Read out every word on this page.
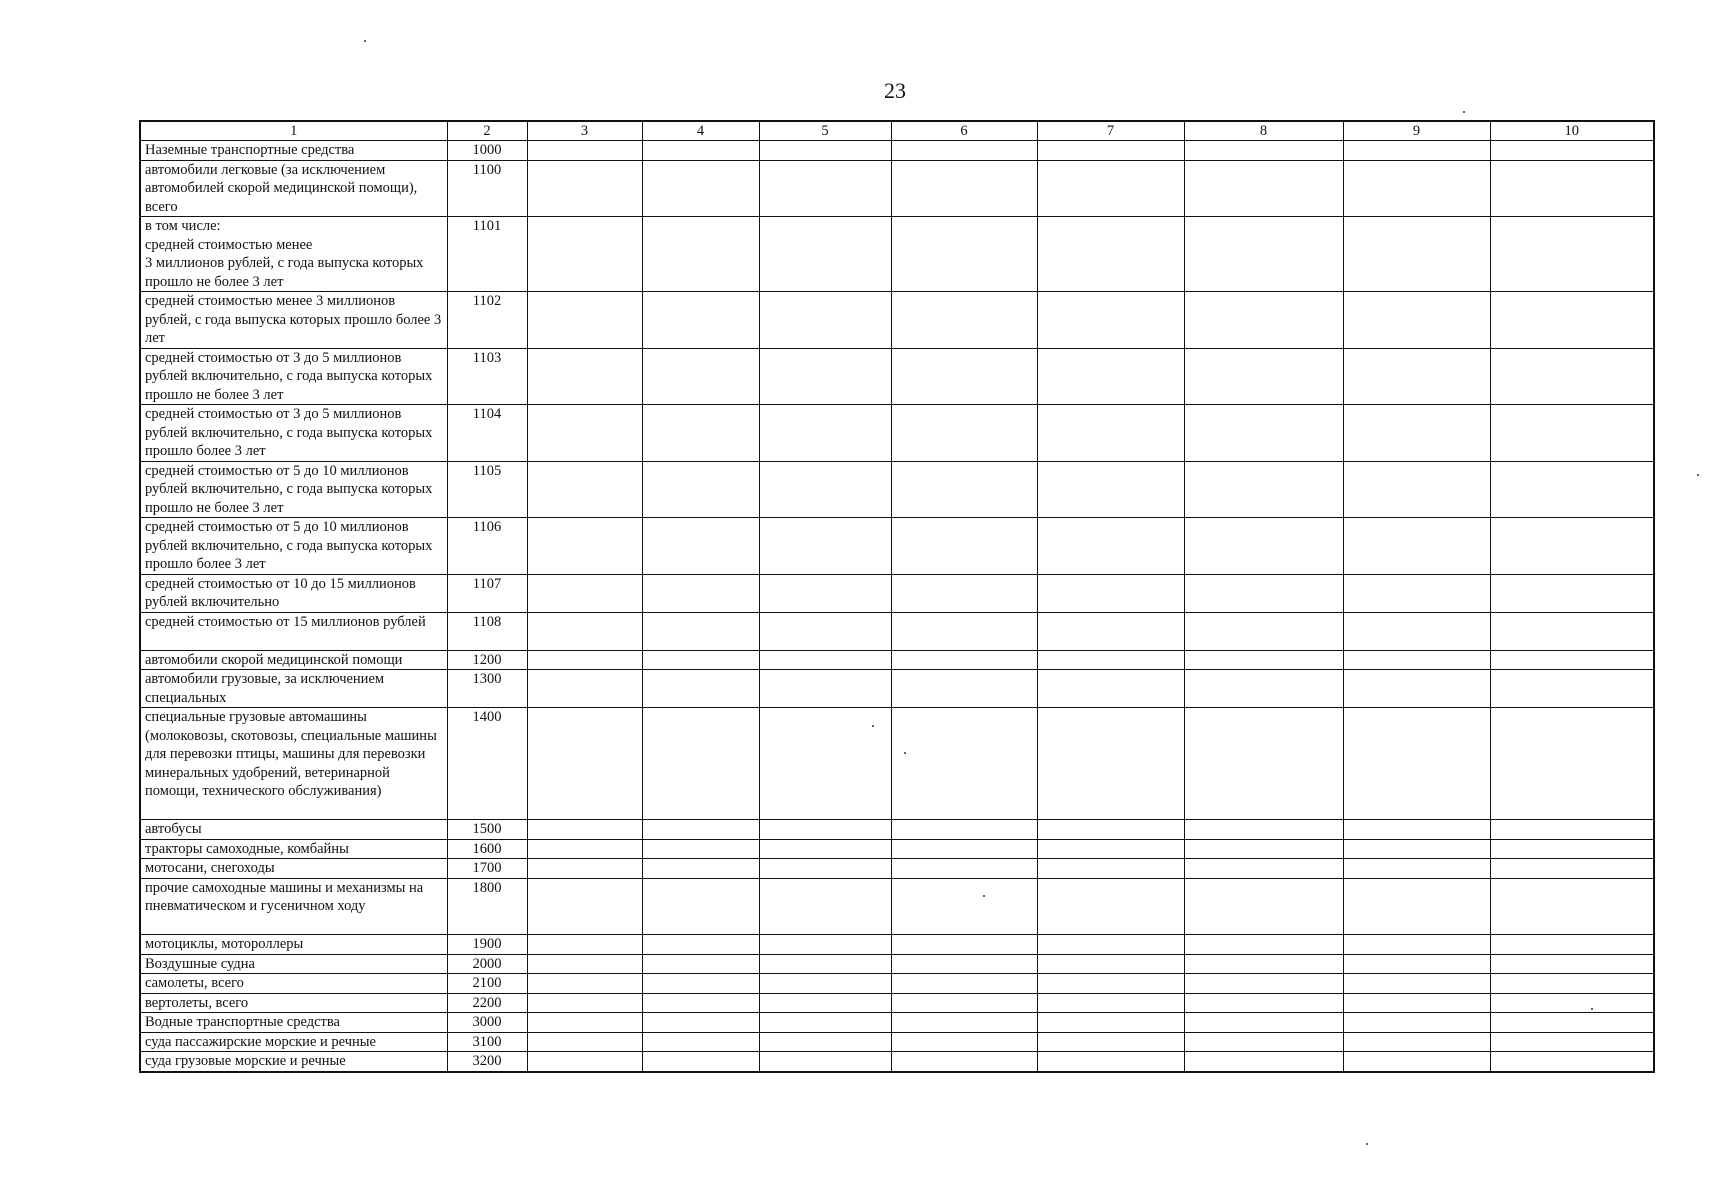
23
1	2	3	4	5	6	7	8	9	10
Наземные транспортные средства	1000								
автомобили легковые (за исключением автомобилей скорой медицинской помощи), всего	1100								
в том числе:
средней стоимостью менее
3 миллионов рублей, с года выпуска которых прошло не более 3 лет	1101								
средней стоимостью менее 3 миллионов рублей, с года выпуска которых прошло более 3 лет	1102								
средней стоимостью от 3 до 5 миллионов рублей включительно, с года выпуска которых прошло не более 3 лет	1103								
средней стоимостью от 3 до 5 миллионов рублей включительно, с года выпуска которых прошло более 3 лет	1104								
средней стоимостью от 5 до 10 миллионов рублей включительно, с года выпуска которых прошло не более 3 лет	1105								
средней стоимостью от 5 до 10 миллионов рублей включительно, с года выпуска которых прошло более 3 лет	1106								
средней стоимостью от 10 до 15 миллионов рублей включительно	1107								
средней стоимостью от 15 миллионов рублей	1108								
автомобили скорой медицинской помощи	1200								
автомобили грузовые, за исключением специальных	1300								
специальные грузовые автомашины (молоковозы, скотовозы, специальные машины для перевозки птицы, машины для перевозки минеральных удобрений, ветеринарной помощи, технического обслуживания)	1400								
автобусы	1500								
тракторы самоходные, комбайны	1600								
мотосани, снегоходы	1700								
прочие самоходные машины и механизмы на пневматическом и гусеничном ходу	1800								
мотоциклы, мотороллеры	1900								
Воздушные судна	2000								
самолеты, всего	2100								
вертолеты, всего	2200								
Водные транспортные средства	3000								
суда пассажирские морские и речные	3100								
суда грузовые морские и речные	3200								
